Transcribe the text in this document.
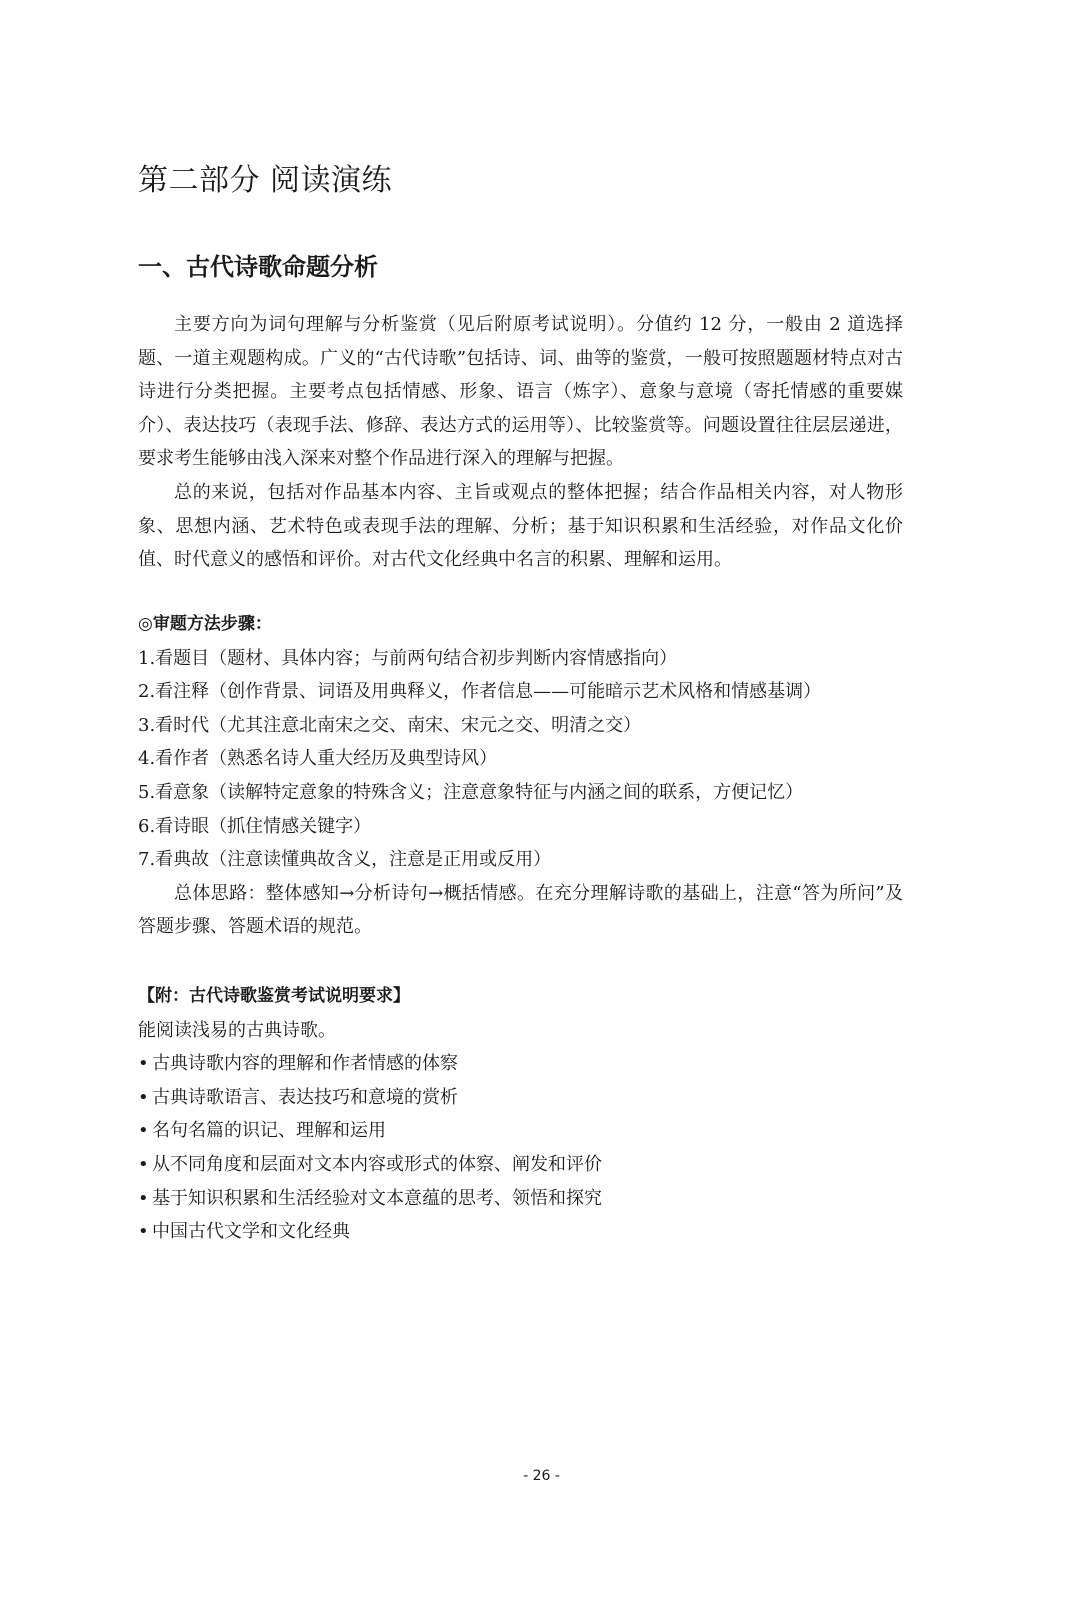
第二部分 阅读演练
一、古代诗歌命题分析

主要方向为词句理解与分析鉴赏（见后附原考试说明）。分值约 12 分，一般由 2 道选择题、一道主观题构成。广义的“古代诗歌”包括诗、词、曲等的鉴赏，一般可按照题题材特点对古诗进行分类把握。主要考点包括情感、形象、语言（炼字）、意象与意境（寄托情感的重要媒介）、表达技巧（表现手法、修辞、表达方式的运用等）、比较鉴赏等。问题设置往往层层递进，要求考生能够由浅入深来对整个作品进行深入的理解与把握。

总的来说，包括对作品基本内容、主旨或观点的整体把握；结合作品相关内容，对人物形象、思想内涵、艺术特色或表现手法的理解、分析；基于知识积累和生活经验，对作品文化价值、时代意义的感悟和评价。对古代文化经典中名言的积累、理解和运用。

◎审题方法步骤：

1.看题目（题材、具体内容；与前两句结合初步判断内容情感指向）
2.看注释（创作背景、词语及用典释义，作者信息——可能暗示艺术风格和情感基调）
3.看时代（尤其注意北南宋之交、南宋、宋元之交、明清之交）
4.看作者（熟悉名诗人重大经历及典型诗风）
5.看意象（读解特定意象的特殊含义；注意意象特征与内涵之间的联系，方便记忆）
6.看诗眼（抓住情感关键字）
7.看典故（注意读懂典故含义，注意是正用或反用）

总体思路：整体感知→分析诗句→概括情感。在充分理解诗歌的基础上，注意“答为所问”及答题步骤、答题术语的规范。

【附：古代诗歌鉴赏考试说明要求】

能阅读浅易的古典诗歌。

• 古典诗歌内容的理解和作者情感的体察
• 古典诗歌语言、表达技巧和意境的赏析
• 名句名篇的识记、理解和运用
• 从不同角度和层面对文本内容或形式的体察、阐发和评价
• 基于知识积累和生活经验对文本意蕴的思考、领悟和探究
• 中国古代文学和文化经典

- 26 -
